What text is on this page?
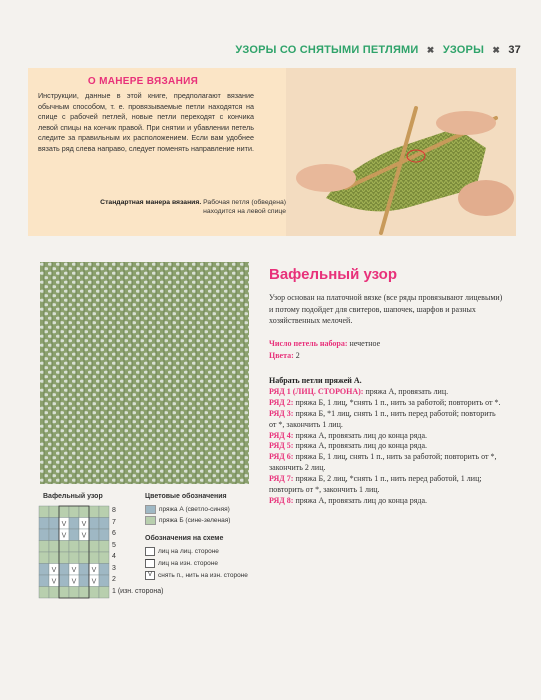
УЗОРЫ СО СНЯТЫМИ ПЕТЛЯМИ ✖ УЗОРЫ ✖ 37
О МАНЕРЕ ВЯЗАНИЯ
Инструкции, данные в этой книге, предполагают вязание обычным способом, т. е. провязываемые петли находятся на спице с рабочей петлей, новые петли переходят с кончика левой спицы на кончик правой. При снятии и убавлении петель следите за правильным их расположением. Если вам удобнее вязать ряд слева направо, следует поменять направление нити.
Стандартная манера вязания. Рабочая петля (обведена) находится на левой спице
Вафельный узор
Узор основан на платочной вязке (все ряды провязывают лицевыми) и потому подойдет для свитеров, шапочек, шарфов и разных хозяйственных мелочей.
Число петель набора: нечетное
Цвета: 2
Набрать петли пряжей А.
РЯД 1 (ЛИЦ. СТОРОНА): пряжа А, провязать лиц.
РЯД 2: пряжа Б, 1 лиц, *снять 1 п., нить за работой; повторить от *.
РЯД 3: пряжа Б, *1 лиц, снять 1 п., нить перед работой; повторить от *, закончить 1 лиц.
РЯД 4: пряжа А, провязать лиц до конца ряда.
РЯД 5: пряжа А, провязать лиц до конца ряда.
РЯД 6: пряжа Б, 1 лиц, снять 1 п., нить за работой; повторить от *, закончить 2 лиц.
РЯД 7: пряжа Б, 2 лиц, *снять 1 п., нить перед работой, 1 лиц; повторить от *, закончить 1 лиц.
РЯД 8: пряжа А, провязать лиц до конца ряда.
Вафельный узор
V V
V V
V V V
V V V
8
7
6
5
4
3
2
1 (изн. сторона)
Цветовые обозначения
пряжа А (светло-синяя)
пряжа Б (сине-зеленая)
Обозначения на схеме
лиц на лиц. стороне
лиц на изн. стороне
V снять п., нить на изн. стороне
